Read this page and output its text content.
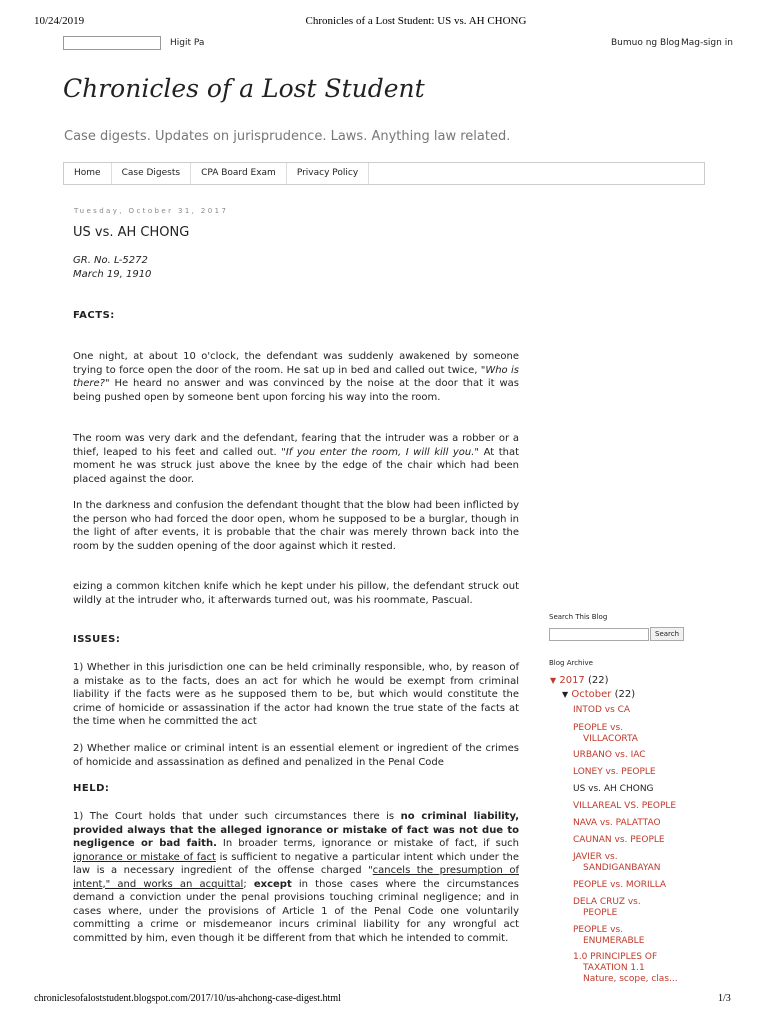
10/24/2019	Chronicles of a Lost Student: US vs. AH CHONG
Higit Pa	Bumuo ng Blog Mag-sign in
Chronicles of a Lost Student
Case digests. Updates on jurisprudence. Laws. Anything law related.
Home	Case Digests	CPA Board Exam	Privacy Policy
Tuesday, October 31, 2017
US vs. AH CHONG
GR. No. L-5272
March 19, 1910
FACTS:
One night, at about 10 o'clock, the defendant was suddenly awakened by someone trying to force open the door of the room. He sat up in bed and called out twice, "Who is there?" He heard no answer and was convinced by the noise at the door that it was being pushed open by someone bent upon forcing his way into the room.
The room was very dark and the defendant, fearing that the intruder was a robber or a thief, leaped to his feet and called out. "If you enter the room, I will kill you." At that moment he was struck just above the knee by the edge of the chair which had been placed against the door.
In the darkness and confusion the defendant thought that the blow had been inflicted by the person who had forced the door open, whom he supposed to be a burglar, though in the light of after events, it is probable that the chair was merely thrown back into the room by the sudden opening of the door against which it rested.
eizing a common kitchen knife which he kept under his pillow, the defendant struck out wildly at the intruder who, it afterwards turned out, was his roommate, Pascual.
ISSUES:
1) Whether in this jurisdiction one can be held criminally responsible, who, by reason of a mistake as to the facts, does an act for which he would be exempt from criminal liability if the facts were as he supposed them to be, but which would constitute the crime of homicide or assassination if the actor had known the true state of the facts at the time when he committed the act
2) Whether malice or criminal intent is an essential element or ingredient of the crimes of homicide and assassination as defined and penalized in the Penal Code
HELD:
1) The Court holds that under such circumstances there is no criminal liability, provided always that the alleged ignorance or mistake of fact was not due to negligence or bad faith. In broader terms, ignorance or mistake of fact, if such ignorance or mistake of fact is sufficient to negative a particular intent which under the law is a necessary ingredient of the offense charged "cancels the presumption of intent," and works an acquittal; except in those cases where the circumstances demand a conviction under the penal provisions touching criminal negligence; and in cases where, under the provisions of Article 1 of the Penal Code one voluntarily committing a crime or misdemeanor incurs criminal liability for any wrongful act committed by him, even though it be different from that which he intended to commit.
Search This Blog
Search
Blog Archive
▼ 2017 (22)
▼ October (22)
INTOD vs CA
PEOPLE vs.
VILLACORTA
URBANO vs. IAC
LONEY vs. PEOPLE
US vs. AH CHONG
VILLAREAL VS. PEOPLE
NAVA vs. PALATTAO
CAUNAN vs. PEOPLE
JAVIER vs.
SANDIGANBAYAN
PEOPLE vs. MORILLA
DELA CRUZ vs.
PEOPLE
PEOPLE vs.
ENUMERABLE
1.0 PRINCIPLES OF
TAXATION 1.1
Nature, scope, clas...
chroniclesofaloststudent.blogspot.com/2017/10/us-ahchong-case-digest.html	1/3
